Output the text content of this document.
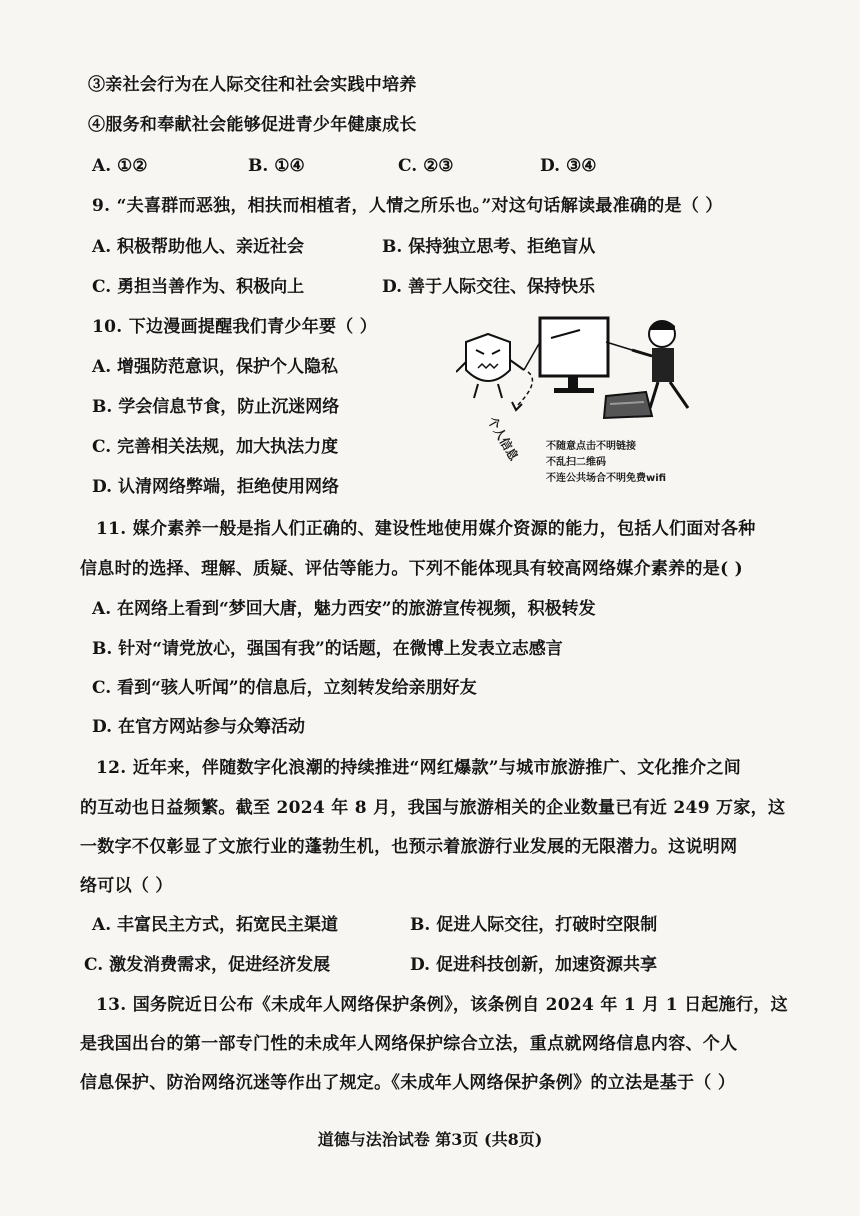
③亲社会行为在人际交往和社会实践中培养
④服务和奉献社会能够促进青少年健康成长
A. ①②	B. ①④	C. ②③	D. ③④
9. “夫喜群而恶独，相扶而相植者，人情之所乐也。”对这句话解读最准确的是（ ）
A. 积极帮助他人、亲近社会	B. 保持独立思考、拒绝盲从
C. 勇担当善作为、积极向上	D. 善于人际交往、保持快乐
10. 下边漫画提醒我们青少年要（ ）
A. 增强防范意识，保护个人隐私
B. 学会信息节食，防止沉迷网络
C. 完善相关法规，加大执法力度
D. 认清网络弊端，拒绝使用网络
个人信息	不随意点击不明链接
不乱扫二维码
不连公共场合不明免费wifi
11. 媒介素养一般是指人们正确的、建设性地使用媒介资源的能力，包括人们面对各种
信息时的选择、理解、质疑、评估等能力。下列不能体现具有较高网络媒介素养的是( )
A. 在网络上看到“梦回大唐，魅力西安”的旅游宣传视频，积极转发
B. 针对“请党放心，强国有我”的话题，在微博上发表立志感言
C. 看到“骇人听闻”的信息后，立刻转发给亲朋好友
D. 在官方网站参与众筹活动
12. 近年来，伴随数字化浪潮的持续推进“网红爆款”与城市旅游推广、文化推介之间
的互动也日益频繁。截至 2024 年 8 月，我国与旅游相关的企业数量已有近 249 万家，这
一数字不仅彰显了文旅行业的蓬勃生机，也预示着旅游行业发展的无限潜力。这说明网
络可以（ ）
A. 丰富民主方式，拓宽民主渠道	B. 促进人际交往，打破时空限制
C. 激发消费需求，促进经济发展	D. 促进科技创新，加速资源共享
13. 国务院近日公布《未成年人网络保护条例》，该条例自 2024 年 1 月 1 日起施行，这
是我国出台的第一部专门性的未成年人网络保护综合立法，重点就网络信息内容、个人
信息保护、防治网络沉迷等作出了规定。《未成年人网络保护条例》的立法是基于（ ）
道德与法治试卷 第3页 (共8页)
